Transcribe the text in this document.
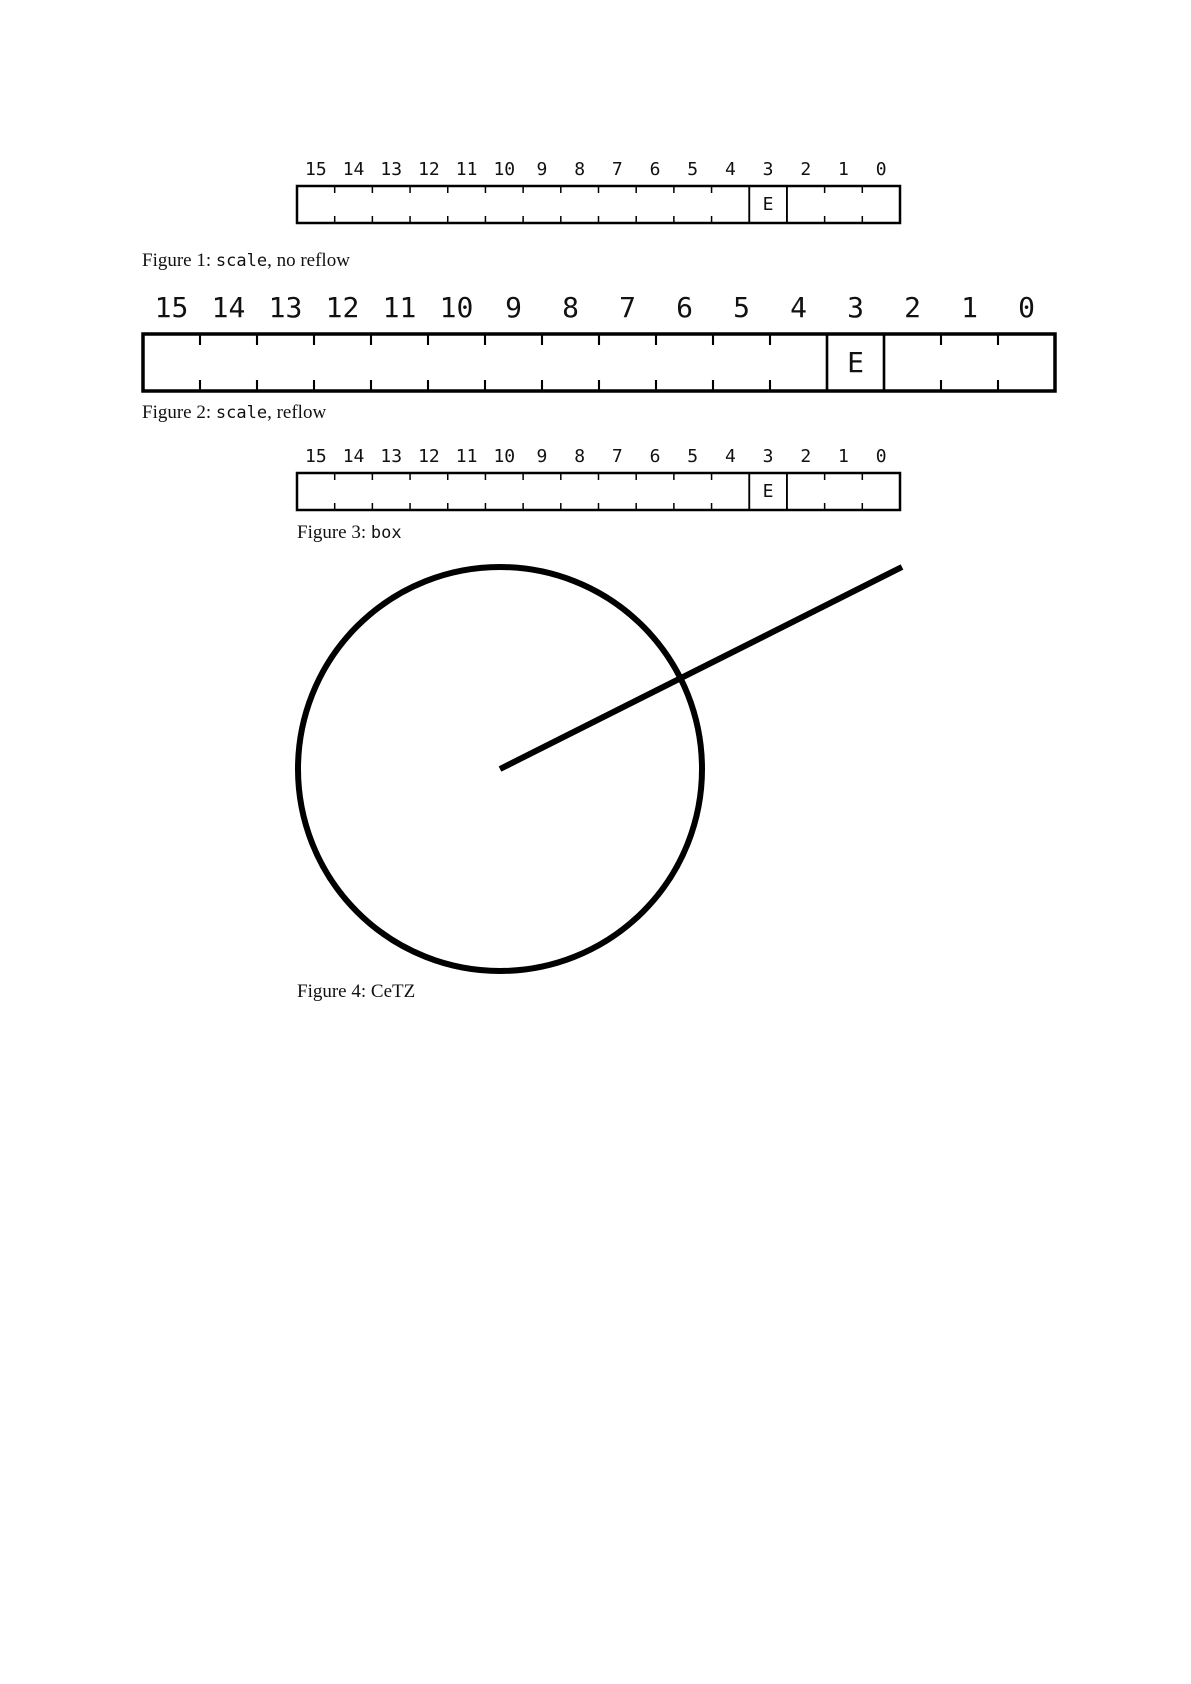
15 14 13 12 11 10 9 8 7 6 5 4 3 2 1 0
E
15 14 13 12 11 10 9 8 7 6 5 4 3 2 1 0
E
15 14 13 12 11 10 9 8 7 6 5 4 3 2 1 0
E
Figure 1: scale, no reflow
Figure 2: scale, reflow
Figure 3: box
Figure 4: CeTZ
